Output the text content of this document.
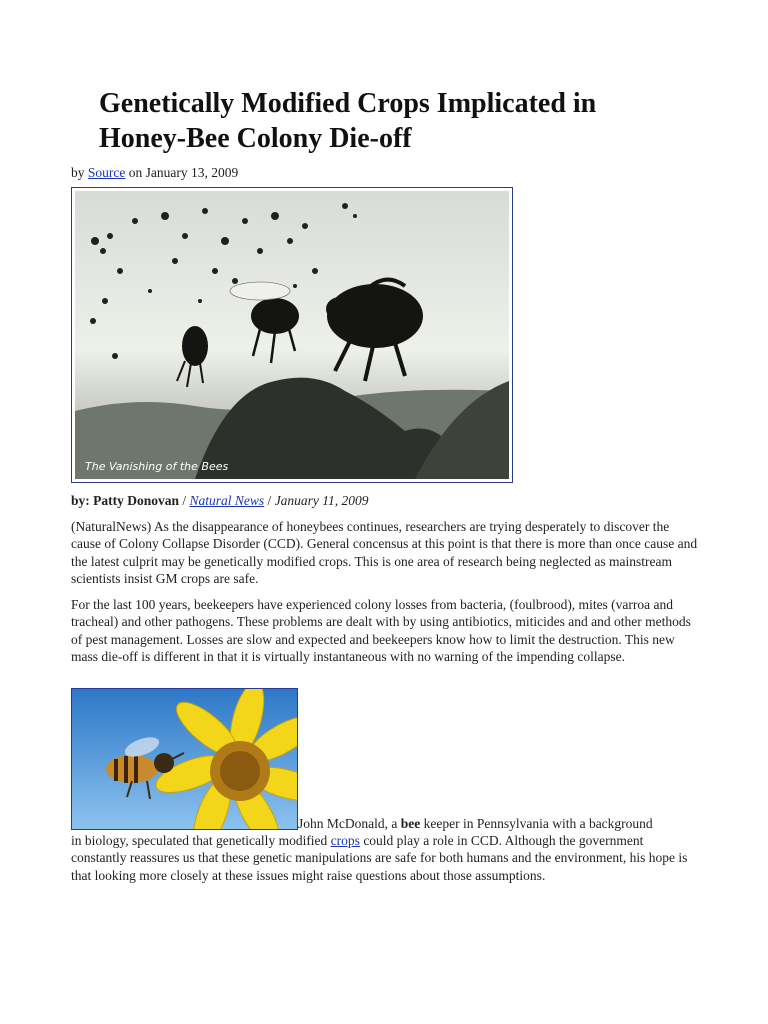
Genetically Modified Crops Implicated in Honey-Bee Colony Die-off
by Source on January 13, 2009
The Vanishing of the Bees
by: Patty Donovan / Natural News / January 11, 2009

(NaturalNews) As the disappearance of honeybees continues, researchers are trying desperately to discover the cause of Colony Collapse Disorder (CCD). General concensus at this point is that there is more than once cause and the latest culprit may be genetically modified crops. This is one area of research being neglected as mainstream scientists insist GM crops are safe.

For the last 100 years, beekeepers have experienced colony losses from bacteria, (foulbrood), mites (varroa and tracheal) and other pathogens. These problems are dealt with by using antibiotics, miticides and and other methods of pest management. Losses are slow and expected and beekeepers know how to limit the destruction. This new mass die-off is different in that it is virtually instantaneous with no warning of the impending collapse.

John McDonald, a bee keeper in Pennsylvania with a background

in biology, speculated that genetically modified crops could play a role in CCD. Although the government constantly reassures us that these genetic manipulations are safe for both humans and the environment, his hope is that looking more closely at these issues might raise questions about those assumptions.
